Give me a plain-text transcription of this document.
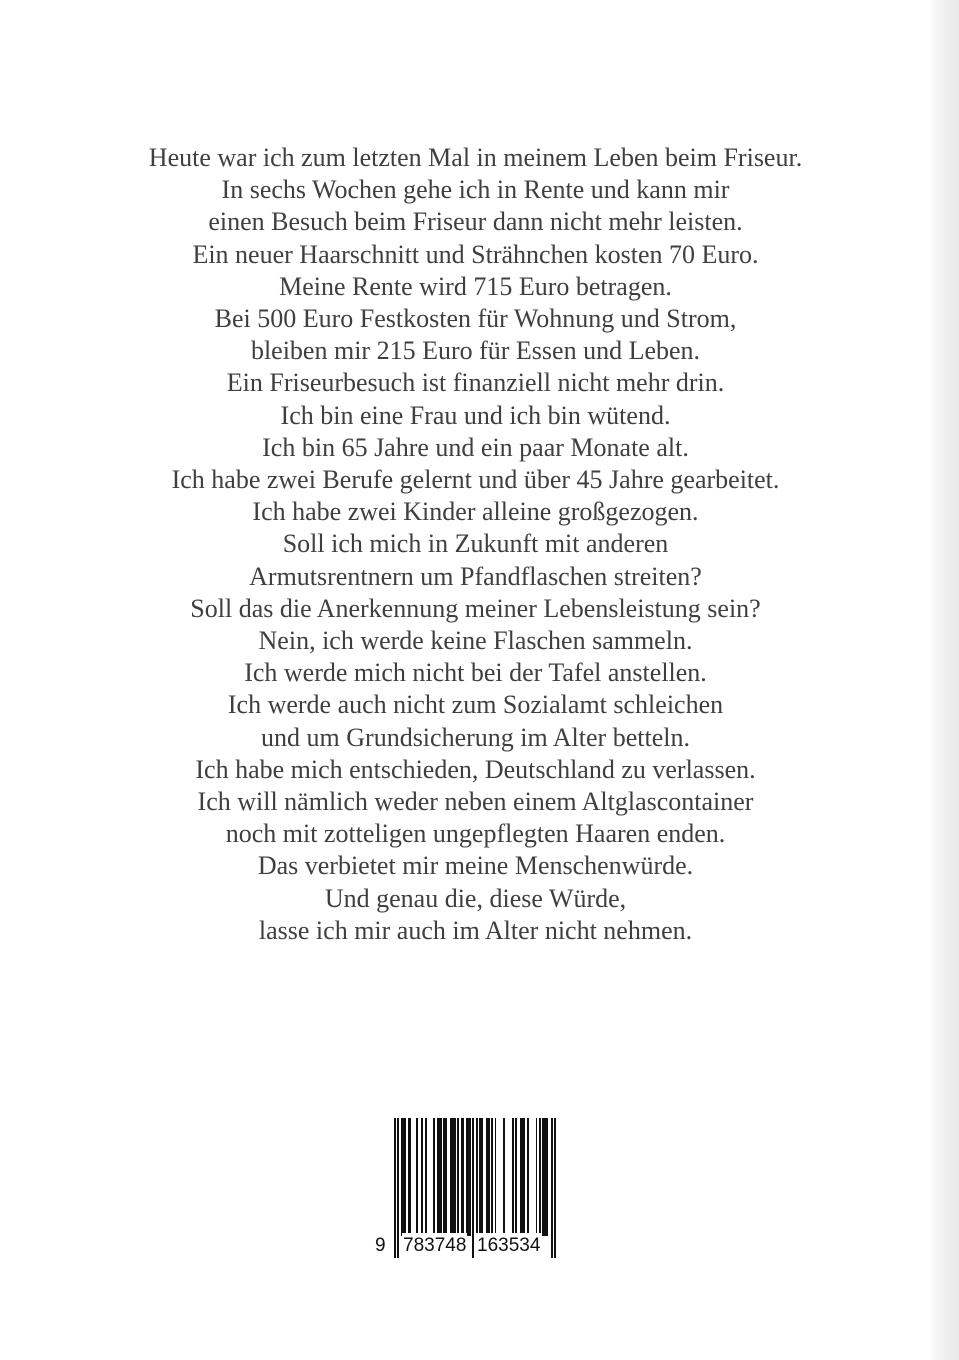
Heute war ich zum letzten Mal in meinem Leben beim Friseur.
In sechs Wochen gehe ich in Rente und kann mir
einen Besuch beim Friseur dann nicht mehr leisten.
Ein neuer Haarschnitt und Strähnchen kosten 70 Euro.
Meine Rente wird 715 Euro betragen.
Bei 500 Euro Festkosten für Wohnung und Strom,
bleiben mir 215 Euro für Essen und Leben.
Ein Friseurbesuch ist finanziell nicht mehr drin.
Ich bin eine Frau und ich bin wütend.
Ich bin 65 Jahre und ein paar Monate alt.
Ich habe zwei Berufe gelernt und über 45 Jahre gearbeitet.
Ich habe zwei Kinder alleine großgezogen.
Soll ich mich in Zukunft mit anderen
Armutsrentnern um Pfandflaschen streiten?
Soll das die Anerkennung meiner Lebensleistung sein?
Nein, ich werde keine Flaschen sammeln.
Ich werde mich nicht bei der Tafel anstellen.
Ich werde auch nicht zum Sozialamt schleichen
und um Grundsicherung im Alter betteln.
Ich habe mich entschieden, Deutschland zu verlassen.
Ich will nämlich weder neben einem Altglascontainer
noch mit zotteligen ungepflegten Haaren enden.
Das verbietet mir meine Menschenwürde.
Und genau die, diese Würde,
lasse ich mir auch im Alter nicht nehmen.
9 783748 163534
